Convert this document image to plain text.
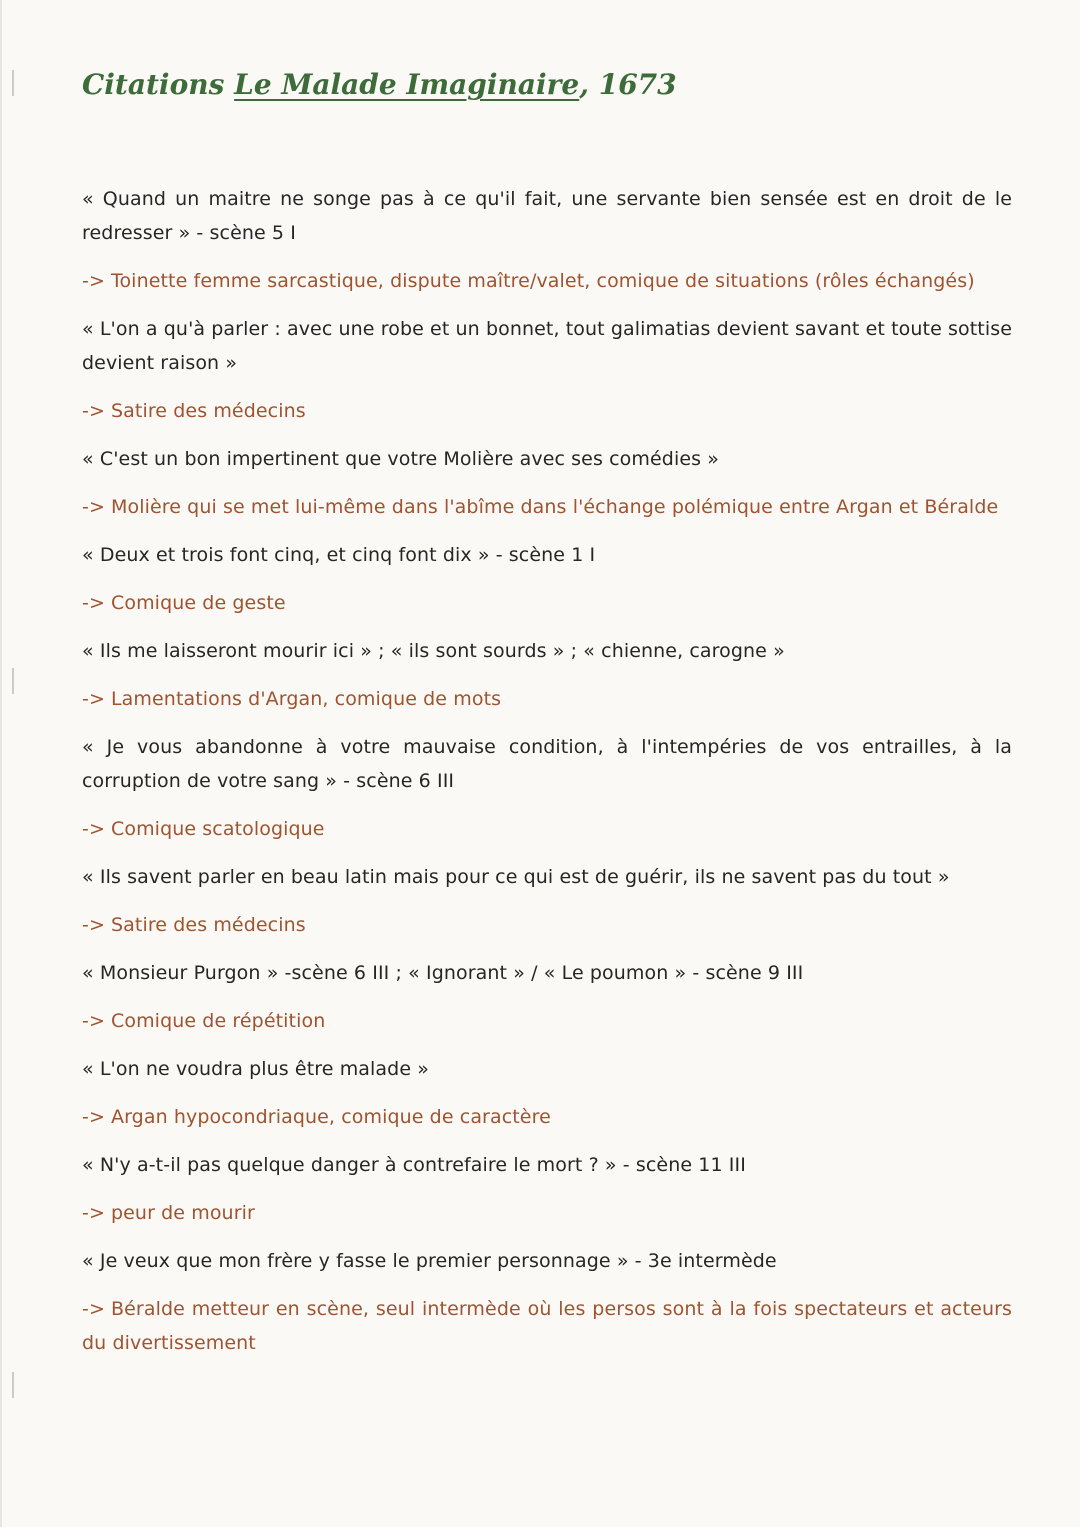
Citations Le Malade Imaginaire, 1673

« Quand un maitre ne songe pas à ce qu'il fait, une servante bien sensée est en droit de le redresser » - scène 5 I

-> Toinette femme sarcastique, dispute maître/valet, comique de situations (rôles échangés)

« L'on a qu'à parler : avec une robe et un bonnet, tout galimatias devient savant et toute sottise devient raison »

-> Satire des médecins

« C'est un bon impertinent que votre Molière avec ses comédies »

-> Molière qui se met lui-même dans l'abîme dans l'échange polémique entre Argan et Béralde

« Deux et trois font cinq, et cinq font dix » - scène 1 I

-> Comique de geste

« Ils me laisseront mourir ici » ; « ils sont sourds » ; « chienne, carogne »

-> Lamentations d'Argan, comique de mots

« Je vous abandonne à votre mauvaise condition, à l'intempéries de vos entrailles, à la corruption de votre sang » - scène 6 III

-> Comique scatologique

« Ils savent parler en beau latin mais pour ce qui est de guérir, ils ne savent pas du tout »

-> Satire des médecins

« Monsieur Purgon » -scène 6 III ; « Ignorant » / « Le poumon » - scène 9 III

-> Comique de répétition

« L'on ne voudra plus être malade »

-> Argan hypocondriaque, comique de caractère

« N'y a-t-il pas quelque danger à contrefaire le mort ? » - scène 11 III

-> peur de mourir

« Je veux que mon frère y fasse le premier personnage » - 3e intermède

-> Béralde metteur en scène, seul intermède où les persos sont à la fois spectateurs et acteurs du divertissement
